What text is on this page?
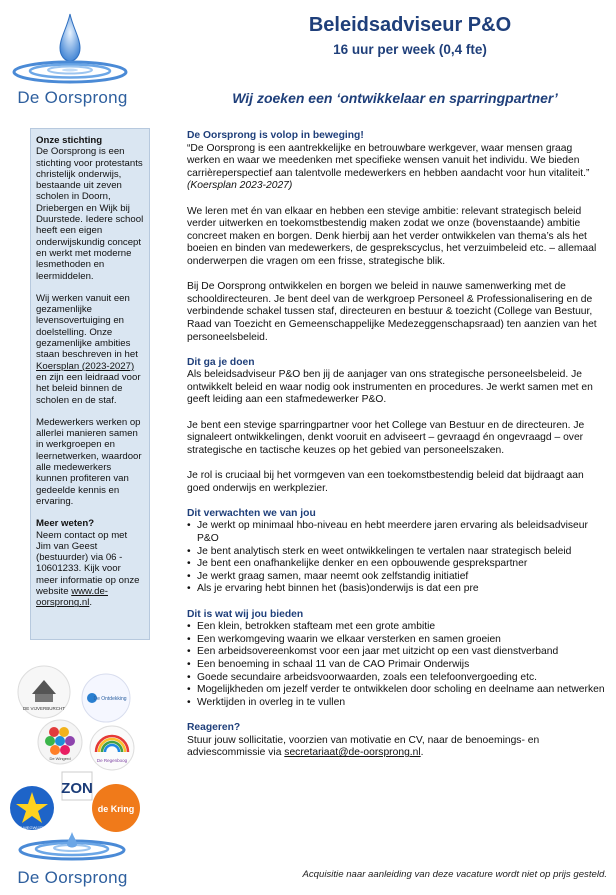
De Oorsprong
Onze stichting

De Oorsprong is een stichting voor protestants christelijk onderwijs, bestaande uit zeven scholen in Doorn, Driebergen en Wijk bij Duurstede. Iedere school heeft een eigen onderwijskundig concept en werkt met moderne lesmethoden en leermiddelen.

Wij werken vanuit een gezamenlijke levensovertuiging en doelstelling. Onze gezamenlijke ambities staan beschreven in het Koersplan (2023-2027) en zijn een leidraad voor het beleid binnen de scholen en de staf.

Medewerkers werken op allerlei manieren samen in werkgroepen en leernetwerken, waardoor alle medewerkers kunnen profiteren van gedeelde kennis en ervaring.

Meer weten?

Neem contact op met Jim van Geest (bestuurder) via 06 - 10601233. Kijk voor meer informatie op onze website www.de-oorsprong.nl.

DE VIJVERBURCHT
De Ontdekking
De Wingerd	De Regenboog
ZON
DE WEGWIJZER
de Kring
De Oorsprong
Beleidsadviseur P&O
16 uur per week (0,4 fte)
Wij zoeken een ‘ontwikkelaar en sparringpartner’
De Oorsprong is volop in beweging!

“De Oorsprong is een aantrekkelijke en betrouwbare werkgever, waar mensen graag werken en waar we meedenken met specifieke wensen vanuit het individu. We bieden carrièreperspectief aan talentvolle medewerkers en hebben aandacht voor hun vitaliteit.” (Koersplan 2023-2027)

We leren met én van elkaar en hebben een stevige ambitie: relevant strategisch beleid verder uitwerken en toekomstbestendig maken zodat we onze (bovenstaande) ambitie concreet maken en borgen. Denk hierbij aan het verder ontwikkelen van thema’s als het boeien en binden van medewerkers, de gesprekscyclus, het verzuimbeleid etc. – allemaal onderwerpen die vragen om een frisse, strategische blik.

Bij De Oorsprong ontwikkelen en borgen we beleid in nauwe samenwerking met de schooldirecteuren. Je bent deel van de werkgroep Personeel & Professionalisering en de verbindende schakel tussen staf, directeuren en bestuur & toezicht (College van Bestuur, Raad van Toezicht en Gemeenschappelijke Medezeggenschapsraad) ten aanzien van het personeelsbeleid.

Dit ga je doen

Als beleidsadviseur P&O ben jij de aanjager van ons strategische personeelsbeleid. Je ontwikkelt beleid en waar nodig ook instrumenten en procedures. Je werkt samen met en geeft leiding aan een stafmedewerker P&O.

Je bent een stevige sparringpartner voor het College van Bestuur en de directeuren. Je signaleert ontwikkelingen, denkt vooruit en adviseert – gevraagd én ongevraagd – over strategische en tactische keuzes op het gebied van personeelszaken.

Je rol is cruciaal bij het vormgeven van een toekomstbestendig beleid dat bijdraagt aan goed onderwijs en werkplezier.

Dit verwachten we van jou
• Je werkt op minimaal hbo-niveau en hebt meerdere jaren ervaring als beleidsadviseur P&O
• Je bent analytisch sterk en weet ontwikkelingen te vertalen naar strategisch beleid
• Je bent een onafhankelijke denker en een opbouwende gesprekspartner
• Je werkt graag samen, maar neemt ook zelfstandig initiatief
• Als je ervaring hebt binnen het (basis)onderwijs is dat een pre
Dit is wat wij jou bieden
• Een klein, betrokken stafteam met een grote ambitie
• Een werkomgeving waarin we elkaar versterken en samen groeien
• Een arbeidsovereenkomst voor een jaar met uitzicht op een vast dienstverband
• Een benoeming in schaal 11 van de CAO Primair Onderwijs
• Goede secundaire arbeidsvoorwaarden, zoals een telefoonvergoeding etc.
• Mogelijkheden om jezelf verder te ontwikkelen door scholing en deelname aan netwerken
• Werktijden in overleg in te vullen
Reageren?

Stuur jouw sollicitatie, voorzien van motivatie en CV, naar de benoemings- en adviescommissie via secretariaat@de-oorsprong.nl.

Acquisitie naar aanleiding van deze vacature wordt niet op prijs gesteld.
